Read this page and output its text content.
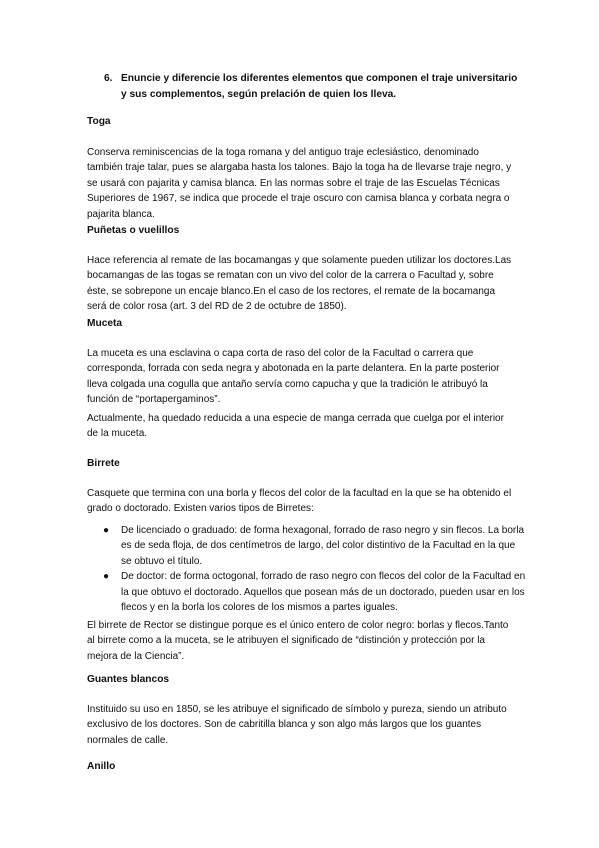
6. Enuncie y diferencie los diferentes elementos que componen el traje universitario y sus complementos, según prelación de quien los lleva.

Toga

Conserva reminiscencias de la toga romana y del antiguo traje eclesiástico, denominado también traje talar, pues se alargaba hasta los talones. Bajo la toga ha de llevarse traje negro, y se usará con pajarita y camisa blanca. En las normas sobre el traje de las Escuelas Técnicas Superiores de 1967, se indica que procede el traje oscuro con camisa blanca y corbata negra o pajarita blanca.

Puñetas o vuelillos

Hace referencia al remate de las bocamangas y que solamente pueden utilizar los doctores.Las bocamangas de las togas se rematan con un vivo del color de la carrera o Facultad y, sobre éste, se sobrepone un encaje blanco.En el caso de los rectores, el remate de la bocamanga será de color rosa (art. 3 del RD de 2 de octubre de 1850).

Muceta

La muceta es una esclavina o capa corta de raso del color de la Facultad o carrera que corresponda, forrada con seda negra y abotonada en la parte delantera. En la parte posterior lleva colgada una cogulla que antaño servía como capucha y que la tradición le atribuyó la función de “portapergaminos”.

Actualmente, ha quedado reducida a una especie de manga cerrada que cuelga por el interior de la muceta.

Birrete

Casquete que termina con una borla y flecos del color de la facultad en la que se ha obtenido el grado o doctorado. Existen varios tipos de Birretes:

● De licenciado o graduado: de forma hexagonal, forrado de raso negro y sin flecos. La borla es de seda floja, de dos centímetros de largo, del color distintivo de la Facultad en la que se obtuvo el título.
● De doctor: de forma octogonal, forrado de raso negro con flecos del color de la Facultad en la que obtuvo el doctorado. Aquellos que posean más de un doctorado, pueden usar en los flecos y en la borla los colores de los mismos a partes iguales.

El birrete de Rector se distingue porque es el único entero de color negro: borlas y flecos.Tanto al birrete como a la muceta, se le atribuyen el significado de “distinción y protección por la mejora de la Ciencia”.

Guantes blancos

Instituido su uso en 1850, se les atribuye el significado de símbolo y pureza, siendo un atributo exclusivo de los doctores. Son de cabritilla blanca y son algo más largos que los guantes normales de calle.

Anillo
